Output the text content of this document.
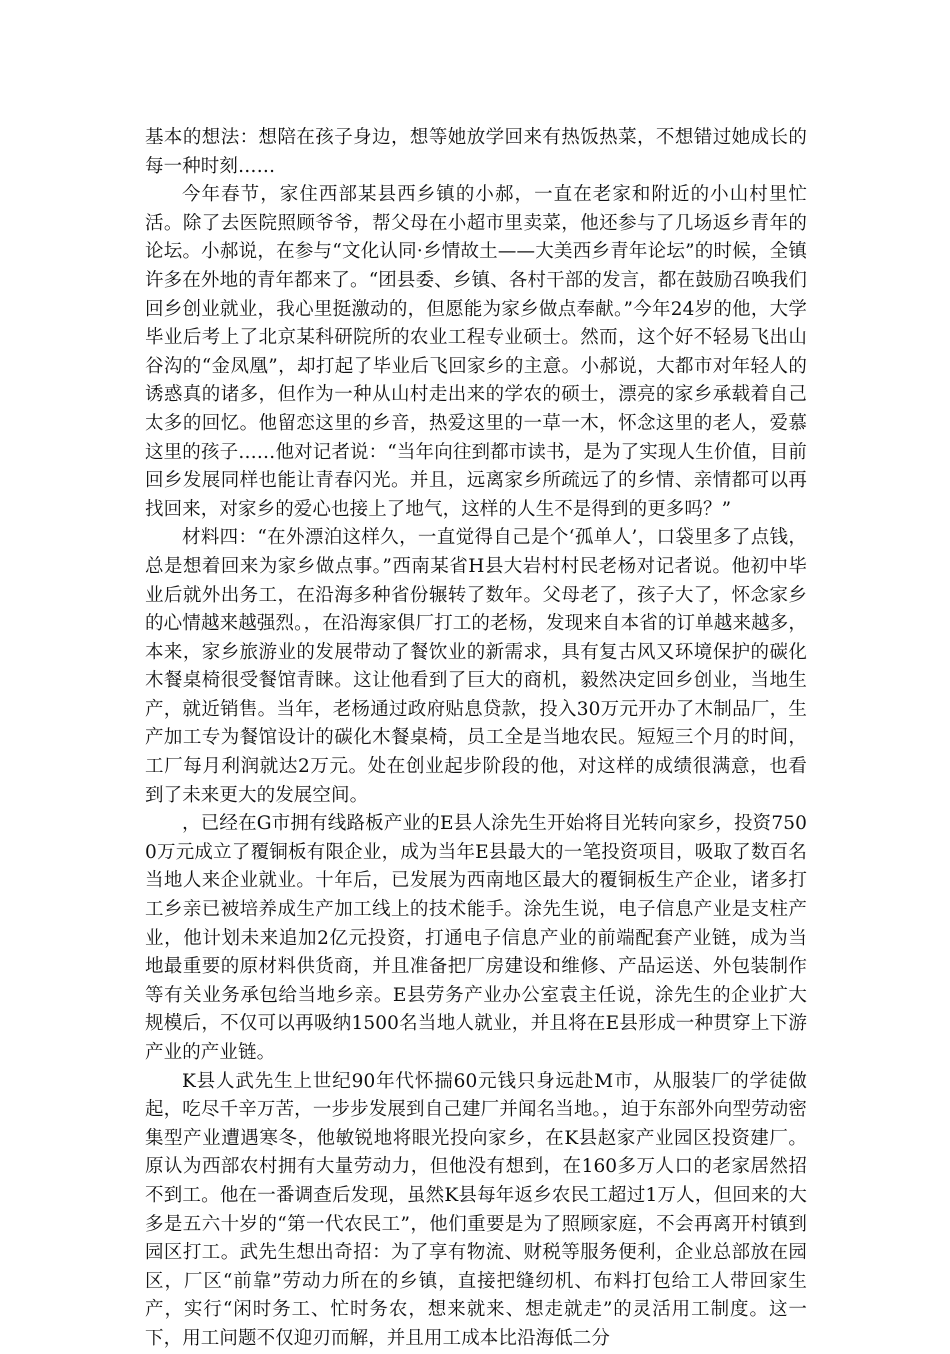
基本的想法：想陪在孩子身边，想等她放学回来有热饭热菜，不想错过她成长的每一种时刻……

今年春节，家住西部某县西乡镇的小郝，一直在老家和附近的小山村里忙活。除了去医院照顾爷爷，帮父母在小超市里卖菜，他还参与了几场返乡青年的论坛。小郝说，在参与“文化认同·乡情故土——大美西乡青年论坛”的时候，全镇许多在外地的青年都来了。“团县委、乡镇、各村干部的发言，都在鼓励召唤我们回乡创业就业，我心里挺激动的，但愿能为家乡做点奉献。”今年24岁的他，大学毕业后考上了北京某科研院所的农业工程专业硕士。然而，这个好不轻易飞出山谷沟的“金凤凰”，却打起了毕业后飞回家乡的主意。小郝说，大都市对年轻人的诱惑真的诸多，但作为一种从山村走出来的学农的硕士，漂亮的家乡承载着自己太多的回忆。他留恋这里的乡音，热爱这里的一草一木，怀念这里的老人，爱慕这里的孩子……他对记者说：“当年向往到都市读书，是为了实现人生价值，目前回乡发展同样也能让青春闪光。并且，远离家乡所疏远了的乡情、亲情都可以再找回来，对家乡的爱心也接上了地气，这样的人生不是得到的更多吗？”

材料四：“在外漂泊这样久，一直觉得自己是个‘孤单人’，口袋里多了点钱，总是想着回来为家乡做点事。”西南某省H县大岩村村民老杨对记者说。他初中毕业后就外出务工，在沿海多种省份辗转了数年。父母老了，孩子大了，怀念家乡的心情越来越强烈。，在沿海家俱厂打工的老杨，发现来自本省的订单越来越多，本来，家乡旅游业的发展带动了餐饮业的新需求，具有复古风又环境保护的碳化木餐桌椅很受餐馆青睐。这让他看到了巨大的商机，毅然决定回乡创业，当地生产，就近销售。当年，老杨通过政府贴息贷款，投入30万元开办了木制品厂，生产加工专为餐馆设计的碳化木餐桌椅，员工全是当地农民。短短三个月的时间，工厂每月利润就达2万元。处在创业起步阶段的他，对这样的成绩很满意，也看到了未来更大的发展空间。

，已经在G市拥有线路板产业的E县人涂先生开始将目光转向家乡，投资7500万元成立了覆铜板有限企业，成为当年E县最大的一笔投资项目，吸取了数百名当地人来企业就业。十年后，已发展为西南地区最大的覆铜板生产企业，诸多打工乡亲已被培养成生产加工线上的技术能手。涂先生说，电子信息产业是支柱产业，他计划未来追加2亿元投资，打通电子信息产业的前端配套产业链，成为当地最重要的原材料供货商，并且准备把厂房建设和维修、产品运送、外包装制作等有关业务承包给当地乡亲。E县劳务产业办公室袁主任说，涂先生的企业扩大规模后，不仅可以再吸纳1500名当地人就业，并且将在E县形成一种贯穿上下游产业的产业链。

K县人武先生上世纪90年代怀揣60元钱只身远赴M市，从服装厂的学徒做起，吃尽千辛万苦，一步步发展到自己建厂并闻名当地。，迫于东部外向型劳动密集型产业遭遇寒冬，他敏锐地将眼光投向家乡，在K县赵家产业园区投资建厂。原认为西部农村拥有大量劳动力，但他没有想到，在160多万人口的老家居然招不到工。他在一番调查后发现，虽然K县每年返乡农民工超过1万人，但回来的大多是五六十岁的“第一代农民工”，他们重要是为了照顾家庭，不会再离开村镇到园区打工。武先生想出奇招：为了享有物流、财税等服务便利，企业总部放在园区，厂区“前靠”劳动力所在的乡镇，直接把缝纫机、布料打包给工人带回家生产，实行“闲时务工、忙时务农，想来就来、想走就走”的灵活用工制度。这一下，用工问题不仅迎刃而解，并且用工成本比沿海低二分
